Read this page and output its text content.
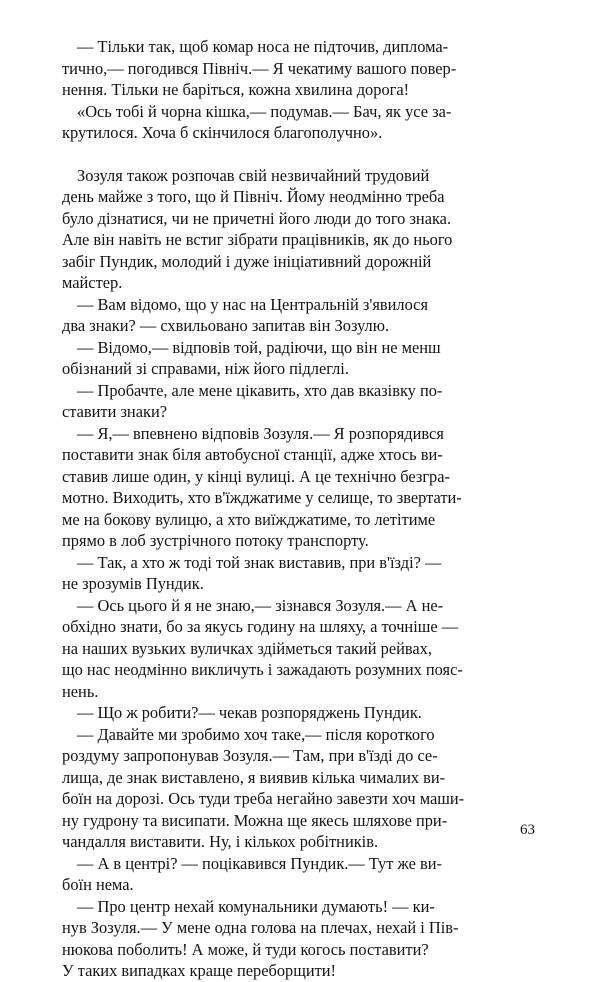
— Тільки так, щоб комар носа не підточив, диплома-
тично,— погодився Північ.— Я чекатиму вашого повер-
нення. Тільки не баріться, кожна хвилина дорога!

«Ось тобі й чорна кішка,— подумав.— Бач, як усе за-
крутилося. Хоча б скінчилося благополучно».

Зозуля також розпочав свій незвичайний трудовий
день майже з того, що й Північ. Йому неодмінно треба
було дізнатися, чи не причетні його люди до того знака.
Але він навіть не встиг зібрати працівників, як до нього
забіг Пундик, молодий і дуже ініціативний дорожній
майстер.

— Вам відомо, що у нас на Центральній з'явилося
два знаки? — схвильовано запитав він Зозулю.

— Відомо,— відповів той, радіючи, що він не менш
обізнаний зі справами, ніж його підлеглі.

— Пробачте, але мене цікавить, хто дав вказівку по-
ставити знаки?

— Я,— впевнено відповів Зозуля.— Я розпорядився
поставити знак біля автобусної станції, адже хтось ви-
ставив лише один, у кінці вулиці. А це технічно безгра-
мотно. Виходить, хто в'їжджатиме у селище, то звертати-
ме на бокову вулицю, а хто виїжджатиме, то летітиме
прямо в лоб зустрічного потоку транспорту.

— Так, а хто ж тоді той знак виставив, при в'їзді? —
не зрозумів Пундик.

— Ось цього й я не знаю,— зізнався Зозуля.— А не-
обхідно знати, бо за якусь годину на шляху, а точніше —
на наших вузьких вуличках здійметься такий рейвах,
що нас неодмінно викличуть і зажадають розумних пояс-
нень.

— Що ж робити?— чекав розпоряджень Пундик.

— Давайте ми зробимо хоч таке,— після короткого
роздуму запропонував Зозуля.— Там, при в'їзді до се-
лища, де знак виставлено, я виявив кілька чималих ви-
боїн на дорозі. Ось туди треба негайно завезти хоч маши-
ну гудрону та висипати. Можна ще якесь шляхове при-
чандалля виставити. Ну, і кількох робітників.

— А в центрі? — поцікавився Пундик.— Тут же ви-
боїн нема.

— Про центр нехай комунальники думають! — ки-
нув Зозуля.— У мене одна голова на плечах, нехай і Пів-
нюкова поболить! А може, й туди когось поставити?
У таких випадках краще переборщити!

63
